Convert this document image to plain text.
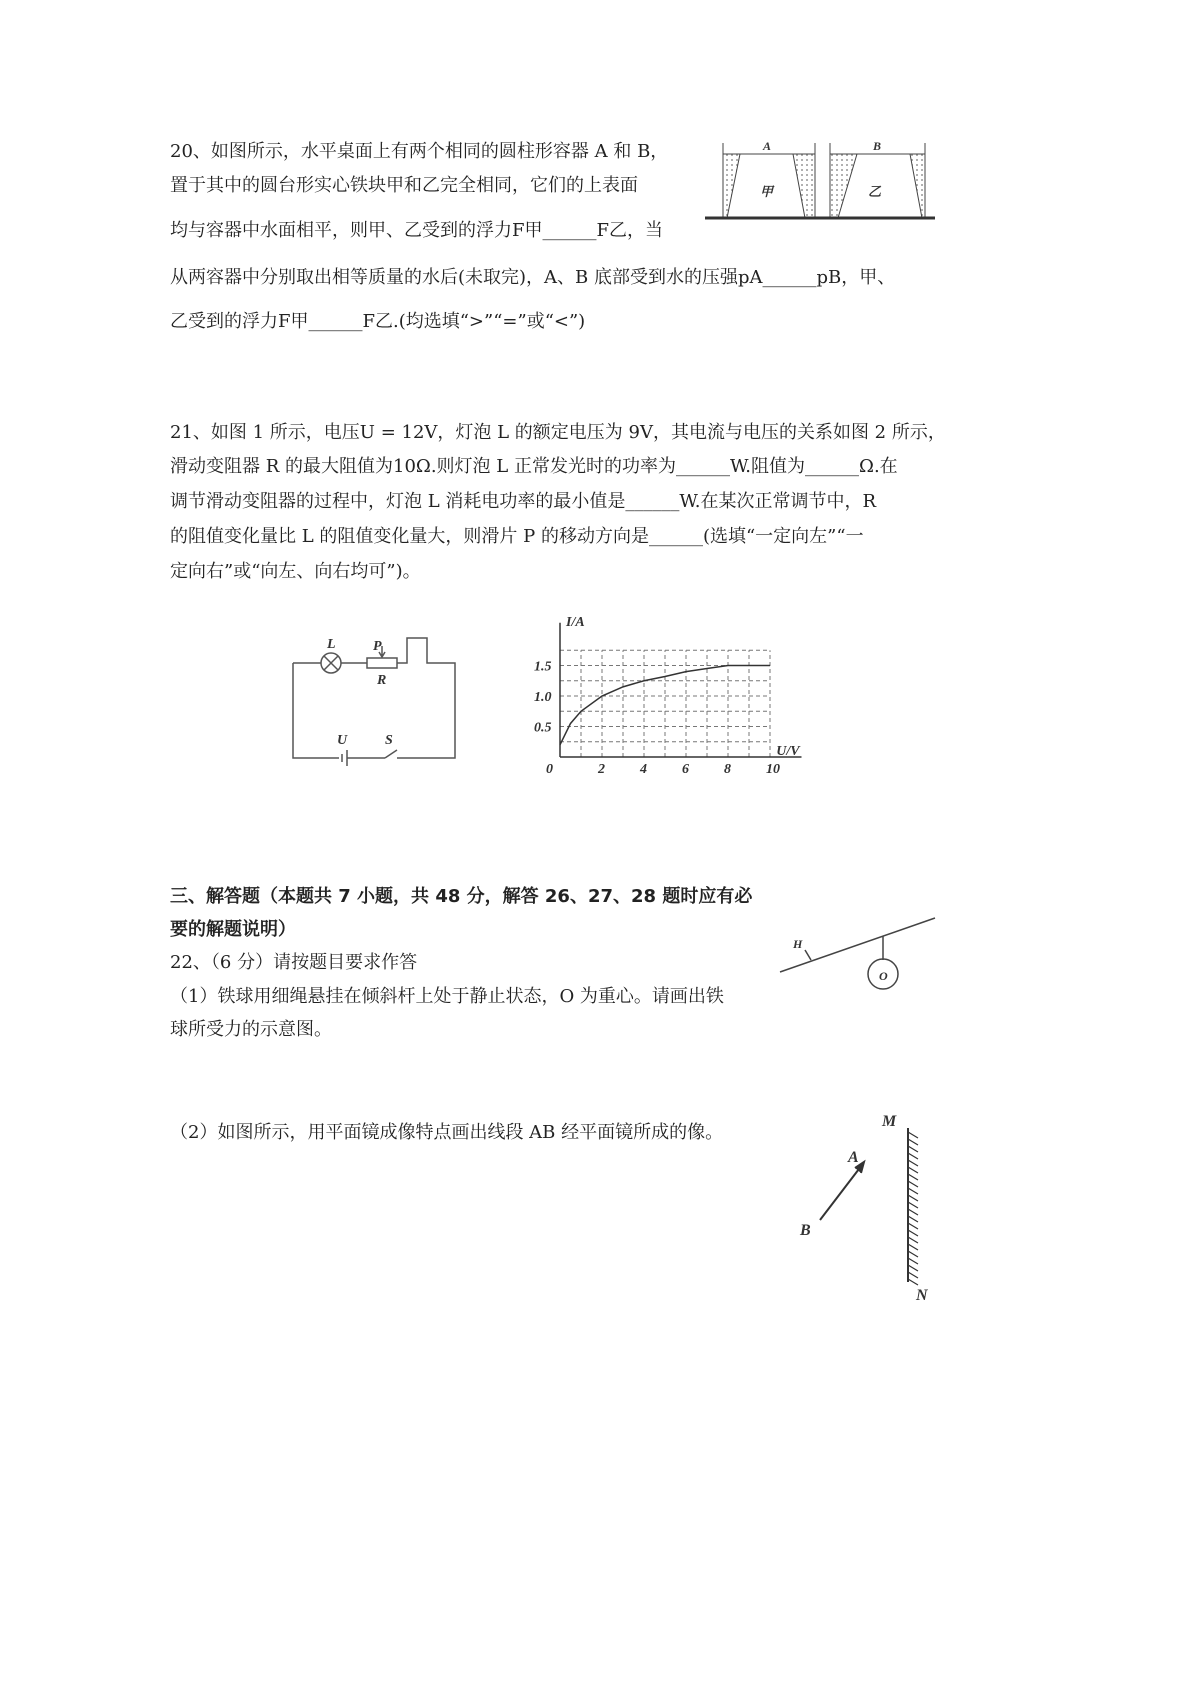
20、如图所示，水平桌面上有两个相同的圆柱形容器 A 和 B，
置于其中的圆台形实心铁块甲和乙完全相同，它们的上表面
均与容器中水面相平，则甲、乙受到的浮力F甲______F乙，当
从两容器中分别取出相等质量的水后(未取完)，A、B 底部受到水的压强pA______pB，甲、
乙受到的浮力F甲______F乙.(均选填“>”“=”或“<”)
A	B
甲	乙
21、如图 1 所示，电压U = 12V，灯泡 L 的额定电压为 9V，其电流与电压的关系如图 2 所示，
滑动变阻器 R 的最大阻值为10Ω.则灯泡 L 正常发光时的功率为______W.阻值为______Ω.在
调节滑动变阻器的过程中，灯泡 L 消耗电功率的最小值是______W.在某次正常调节中，R
的阻值变化量比 L 的阻值变化量大，则滑片 P 的移动方向是______(选填“一定向左”“一
定向右”或“向左、向右均可”)。
L	P
R
U	S
U/V
I/A
0	2	4	6	8	10
0.5
1.0
1.5
三、解答题（本题共 7 小题，共 48 分，解答 26、27、28 题时应有必
要的解题说明）
22、（6 分）请按题目要求作答
（1）铁球用细绳悬挂在倾斜杆上处于静止状态，O 为重心。请画出铁
球所受力的示意图。
（2）如图所示，用平面镜成像特点画出线段 AB 经平面镜所成的像。
H
O
M
N
A
B
